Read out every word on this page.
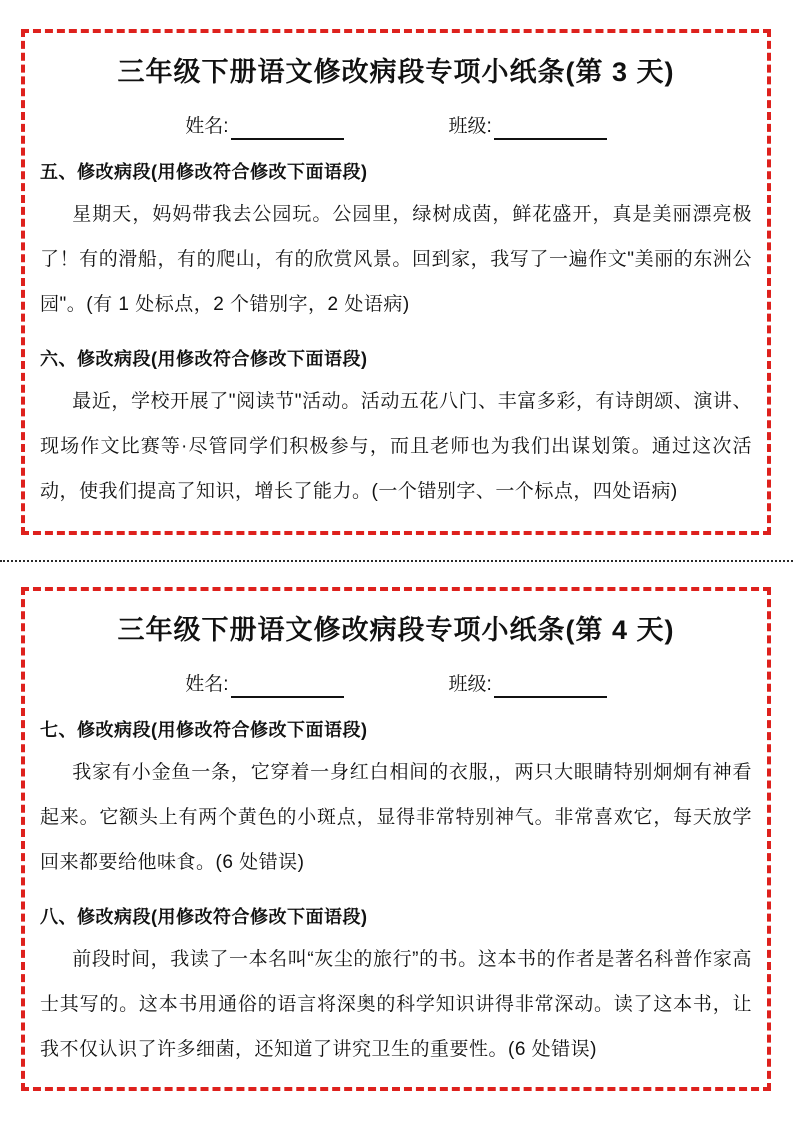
三年级下册语文修改病段专项小纸条(第 3 天)
姓名:	班级:
五、修改病段(用修改符合修改下面语段)

星期天，妈妈带我去公园玩。公园里，绿树成茵，鲜花盛开，真是美丽漂亮极了！有的滑船，有的爬山，有的欣赏风景。回到家，我写了一遍作文"美丽的东洲公园"。(有 1 处标点，2 个错别字，2 处语病)

六、修改病段(用修改符合修改下面语段)

最近，学校开展了"阅读节"活动。活动五花八门、丰富多彩，有诗朗颂、演讲、现场作文比赛等·尽管同学们积极参与，而且老师也为我们出谋划策。通过这次活动，使我们提高了知识，增长了能力。(一个错别字、一个标点，四处语病)

三年级下册语文修改病段专项小纸条(第 4 天)
姓名:	班级:
七、修改病段(用修改符合修改下面语段)

我家有小金鱼一条，它穿着一身红白相间的衣服,，两只大眼睛特别炯炯有神看起来。它额头上有两个黄色的小斑点，显得非常特别神气。非常喜欢它，每天放学回来都要给他味食。(6 处错误)

八、修改病段(用修改符合修改下面语段)

前段时间，我读了一本名叫“灰尘的旅行”的书。这本书的作者是著名科普作家高士其写的。这本书用通俗的语言将深奥的科学知识讲得非常深动。读了这本书，让我不仅认识了许多细菌，还知道了讲究卫生的重要性。(6 处错误)
